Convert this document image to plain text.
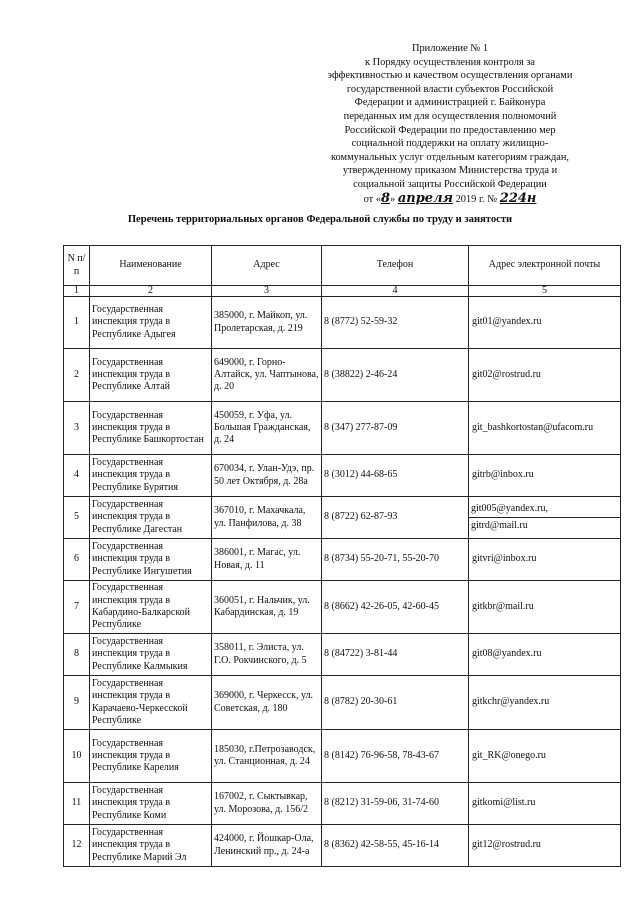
Приложение № 1
к Порядку осуществления контроля за
эффективностью и качеством осуществления органами
государственной власти субъектов Российской
Федерации и администрацией г. Байконура
переданных им для осуществления полномочий
Российской Федерации по предоставлению мер
социальной поддержки на оплату жилищно-
коммунальных услуг отдельным категориям граждан,
утвержденному приказом Министерства труда и
социальной защиты Российской Федерации
от «8» апреля 2019 г. № 224н
Перечень территориальных органов Федеральной службы по труду и занятости
N п/п	Наименование	Адрес	Телефон	Адрес электронной почты
1	2	3	4	5
1	Государственная инспекция труда в Республике Адыгея	385000, г. Майкоп, ул. Пролетарская, д. 219	8 (8772) 52-59-32	git01@yandex.ru
2	Государственная инспекция труда в Республике Алтай	649000, г. Горно-Алтайск, ул. Чаптынова, д. 20	8 (38822) 2-46-24	git02@rostrud.ru
3	Государственная инспекция труда в Республике Башкортостан	450059, г. Уфа, ул. Большая Гражданская, д. 24	8 (347) 277-87-09	git_bashkortostan@ufacom.ru
4	Государственная инспекция труда в Республике Бурятия	670034, г. Улан-Удэ, пр. 50 лет Октября, д. 28а	8 (3012) 44-68-65	gitrb@inbox.ru
5	Государственная инспекция труда в Республике Дагестан	367010, г. Махачкала, ул. Панфилова, д. 38	8 (8722) 62-87-93	git005@yandex.ru,
gitrd@mail.ru

6	Государственная инспекция труда в Республике Ингушетия	386001, г. Магас, ул. Новая, д. 11	8 (8734) 55-20-71, 55-20-70	gitvri@inbox.ru
7	Государственная инспекция труда в Кабардино-Балкарской Республике	360051, г. Нальчик, ул. Кабардинская, д. 19	8 (8662) 42-26-05, 42-60-45	gitkbr@mail.ru
8	Государственная инспекция труда в Республике Калмыкия	358011, г. Элиста, ул. Г.О. Рокчинского, д. 5	8 (84722) 3-81-44	git08@yandex.ru
9	Государственная инспекция труда в Карачаево-Черкесской Республике	369000, г. Черкесск, ул. Советская, д. 180	8 (8782) 20-30-61	gitkchr@yandex.ru
10	Государственная инспекция труда в Республике Карелия	185030, г.Петрозаводск, ул. Станционная, д. 24	8 (8142) 76-96-58, 78-43-67	git_RK@onego.ru
11	Государственная инспекция труда в Республике Коми	167002, г. Сыктывкар, ул. Морозова, д. 156/2	8 (8212) 31-59-06, 31-74-60	gitkomi@list.ru
12	Государственная инспекция труда в Республике Марий Эл	424000, г. Йошкар-Ола, Ленинский пр., д. 24-а	8 (8362) 42-58-55, 45-16-14	git12@rostrud.ru
